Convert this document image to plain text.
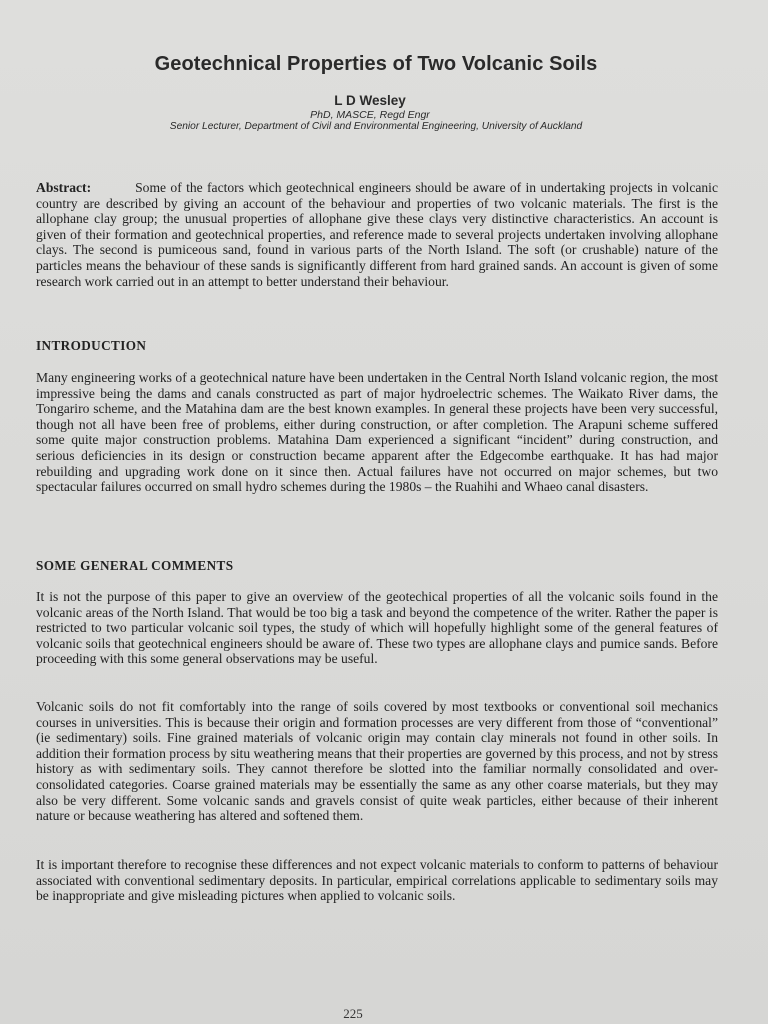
Geotechnical Properties of Two Volcanic Soils
L D Wesley
PhD, MASCE, Regd Engr
Senior Lecturer, Department of Civil and Environmental Engineering, University of Auckland

Abstract:	Some of the factors which geotechnical engineers should be aware of in undertaking projects in volcanic country are described by giving an account of the behaviour and properties of two volcanic materials. The first is the allophane clay group; the unusual properties of allophane give these clays very distinctive characteristics. An account is given of their formation and geotechnical properties, and reference made to several projects undertaken involving allophane clays. The second is pumiceous sand, found in various parts of the North Island. The soft (or crushable) nature of the particles means the behaviour of these sands is significantly different from hard grained sands. An account is given of some research work carried out in an attempt to better understand their behaviour.

INTRODUCTION

Many engineering works of a geotechnical nature have been undertaken in the Central North Island volcanic region, the most impressive being the dams and canals constructed as part of major hydroelectric schemes. The Waikato River dams, the Tongariro scheme, and the Matahina dam are the best known examples. In general these projects have been very successful, though not all have been free of problems, either during construction, or after completion. The Arapuni scheme suffered some quite major construction problems. Matahina Dam experienced a significant “incident” during construction, and serious deficiencies in its design or construction became apparent after the Edgecombe earthquake. It has had major rebuilding and upgrading work done on it since then. Actual failures have not occurred on major schemes, but two spectacular failures occurred on small hydro schemes during the 1980s – the Ruahihi and Whaeo canal disasters.

SOME GENERAL COMMENTS

It is not the purpose of this paper to give an overview of the geotechical properties of all the volcanic soils found in the volcanic areas of the North Island. That would be too big a task and beyond the competence of the writer. Rather the paper is restricted to two particular volcanic soil types, the study of which will hopefully highlight some of the general features of volcanic soils that geotechnical engineers should be aware of. These two types are allophane clays and pumice sands. Before proceeding with this some general observations may be useful.

Volcanic soils do not fit comfortably into the range of soils covered by most textbooks or conventional soil mechanics courses in universities. This is because their origin and formation processes are very different from those of “conventional” (ie sedimentary) soils. Fine grained materials of volcanic origin may contain clay minerals not found in other soils. In addition their formation process by situ weathering means that their properties are governed by this process, and not by stress history as with sedimentary soils. They cannot therefore be slotted into the familiar normally consolidated and over-consolidated categories. Coarse grained materials may be essentially the same as any other coarse materials, but they may also be very different. Some volcanic sands and gravels consist of quite weak particles, either because of their inherent nature or because weathering has altered and softened them.

It is important therefore to recognise these differences and not expect volcanic materials to conform to patterns of behaviour associated with conventional sedimentary deposits. In particular, empirical correlations applicable to sedimentary soils may be inappropriate and give misleading pictures when applied to volcanic soils.

225
